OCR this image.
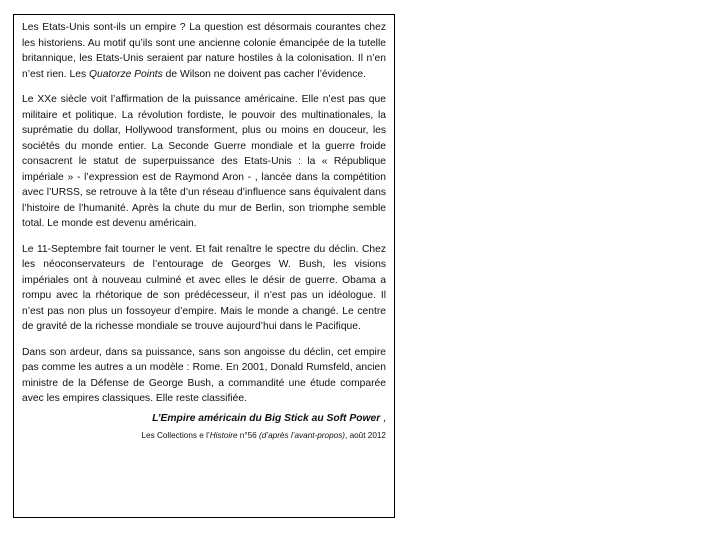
Les Etats-Unis sont-ils un empire ? La question est désormais courantes chez les historiens. Au motif qu’ils sont une ancienne colonie émancipée de la tutelle britannique, les Etats-Unis seraient par nature hostiles à la colonisation. Il n’en n’est rien. Les Quatorze Points de Wilson ne doivent pas cacher l’évidence.

Le XXe siècle voit l’affirmation de la puissance américaine. Elle n’est pas que militaire et politique. La révolution fordiste, le pouvoir des multinationales, la suprématie du dollar, Hollywood transforment, plus ou moins en douceur, les sociétés du monde entier. La Seconde Guerre mondiale et la guerre froide consacrent le statut de superpuissance des Etats-Unis : la « République impériale » - l’expression est de Raymond Aron - , lancée dans la compétition avec l’URSS, se retrouve à la tête d’un réseau d’influence sans équivalent dans l’histoire de l’humanité. Après la chute du mur de Berlin, son triomphe semble total. Le monde est devenu américain.

Le 11-Septembre fait tourner le vent. Et fait renaître le spectre du déclin. Chez les néoconservateurs de l’entourage de Georges W. Bush, les visions impériales ont à nouveau culminé et avec elles le désir de guerre. Obama a rompu avec la rhétorique de son prédécesseur, il n’est pas un idéologue. Il n’est pas non plus un fossoyeur d’empire. Mais le monde a changé. Le centre de gravité de la richesse mondiale se trouve aujourd’hui dans le Pacifique.

Dans son ardeur, dans sa puissance, sans son angoisse du déclin, cet empire pas comme les autres a un modèle : Rome. En 2001, Donald Rumsfeld, ancien ministre de la Défense de George Bush, a commandité une étude comparée avec les empires classiques. Elle reste classifiée.

L’Empire américain du Big Stick au Soft Power ,

Les Collections e l’Histoire n°56 (d’après l’avant-propos), août 2012
